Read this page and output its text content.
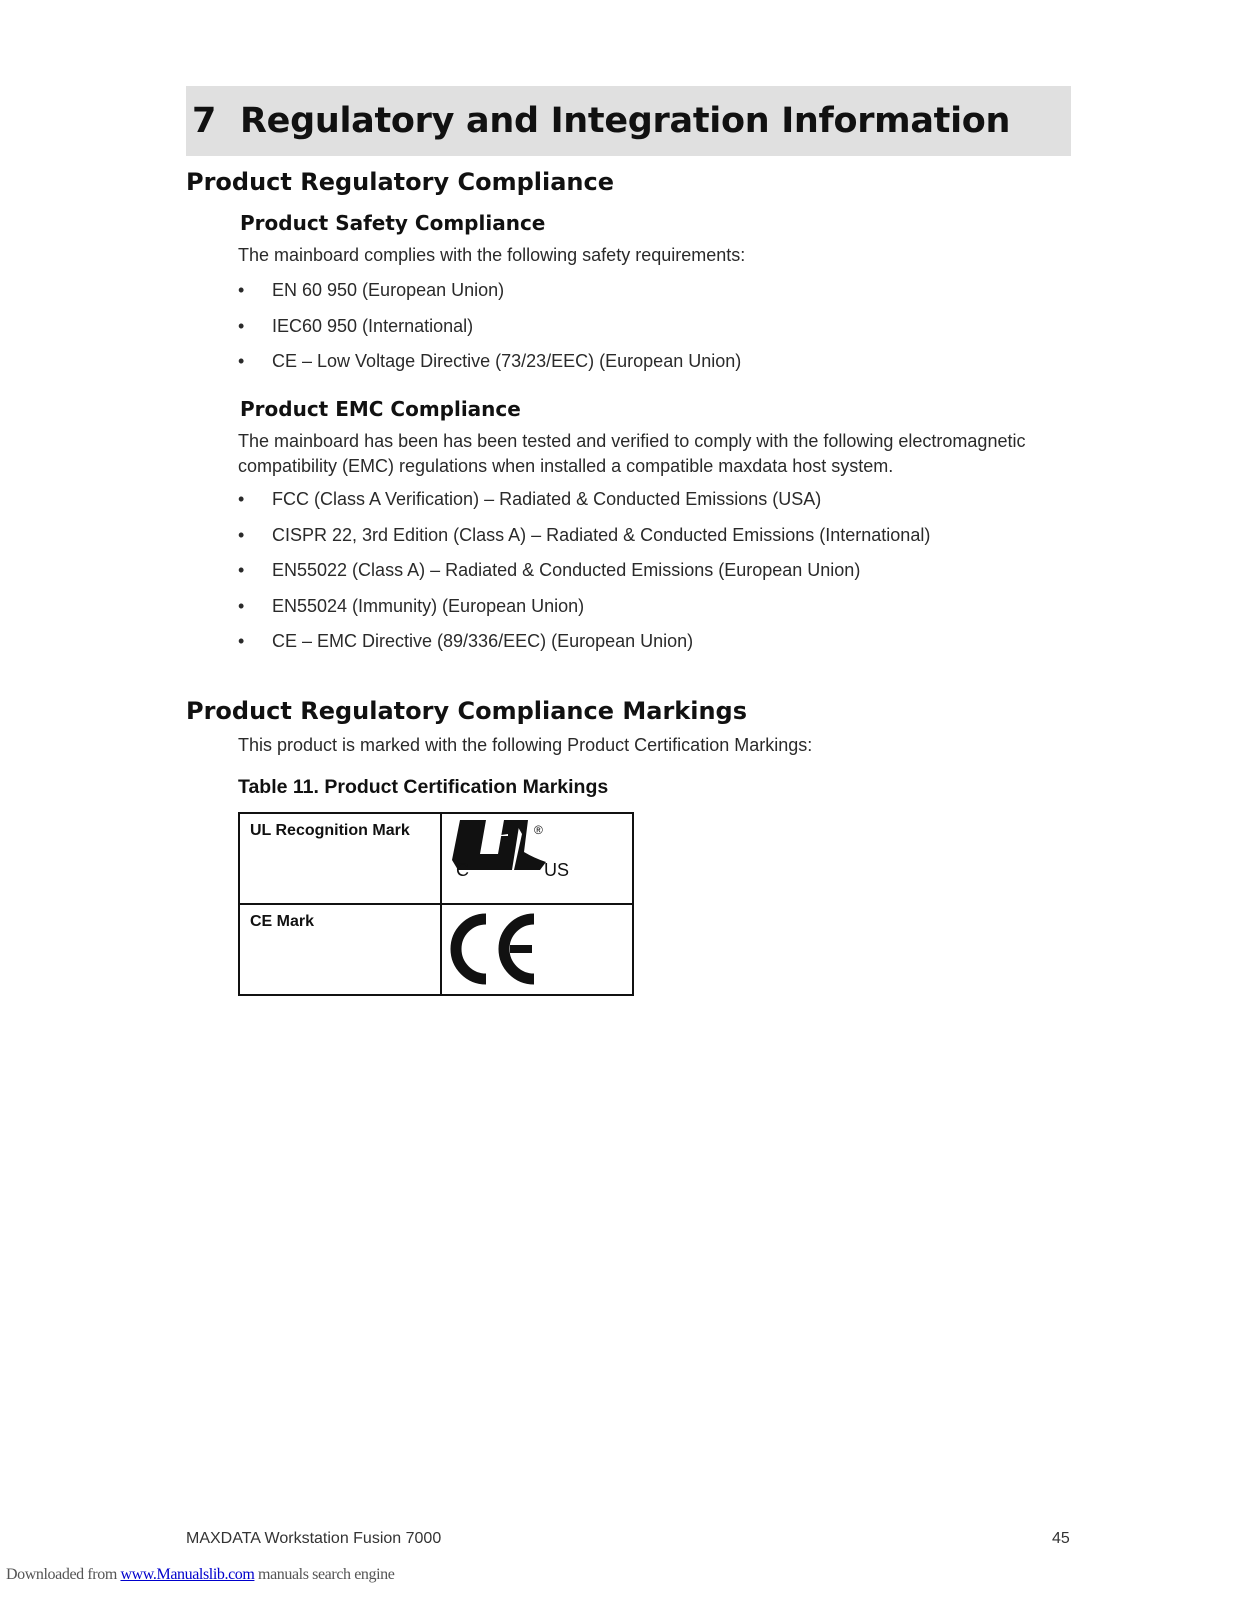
7 Regulatory and Integration Information
Product Regulatory Compliance
Product Safety Compliance

The mainboard complies with the following safety requirements:

• EN 60 950 (European Union)
• IEC60 950 (International)
• CE – Low Voltage Directive (73/23/EEC) (European Union)
Product EMC Compliance

The mainboard has been has been tested and verified to comply with the following electromagnetic
compatibility (EMC) regulations when installed a compatible maxdata host system.

• FCC (Class A Verification) – Radiated & Conducted Emissions (USA)
• CISPR 22, 3rd Edition (Class A) – Radiated & Conducted Emissions (International)
• EN55022 (Class A) – Radiated & Conducted Emissions (European Union)
• EN55024 (Immunity) (European Union)
• CE – EMC Directive (89/336/EEC) (European Union)
Product Regulatory Compliance Markings

This product is marked with the following Product Certification Markings:

Table 11. Product Certification Markings

UL Recognition Mark	C US
®

CE Mark	
MAXDATA Workstation Fusion 7000	45
Downloaded from www.Manualslib.com manuals search engine
